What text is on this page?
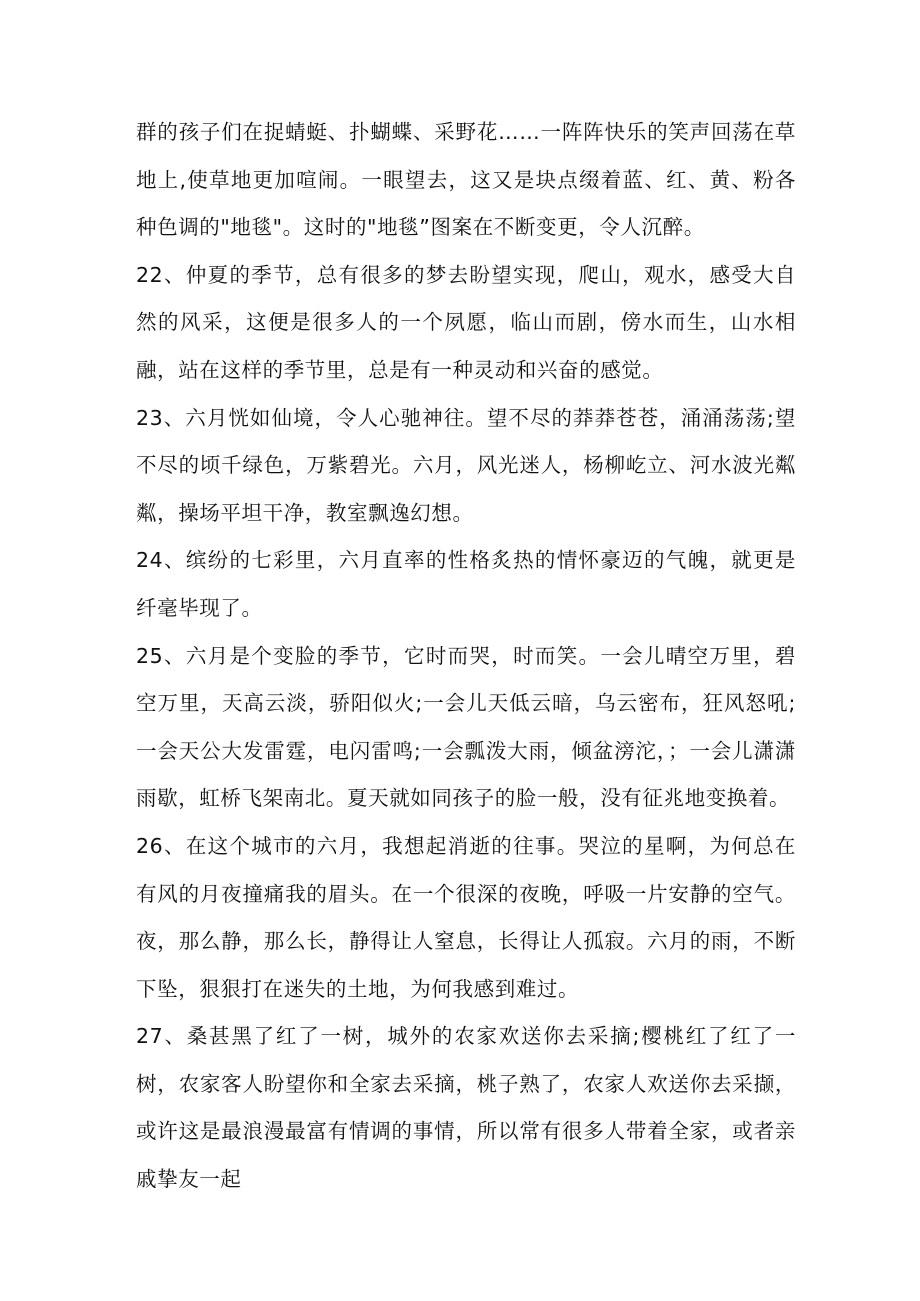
群的孩子们在捉蜻蜓、扑蝴蝶、采野花……一阵阵快乐的笑声回荡在草地上,使草地更加喧闹。一眼望去，这又是块点缀着蓝、红、黄、粉各种色调的"地毯"。这时的"地毯”图案在不断变更，令人沉醉。

22、仲夏的季节，总有很多的梦去盼望实现，爬山，观水，感受大自然的风采，这便是很多人的一个夙愿，临山而剧，傍水而生，山水相融，站在这样的季节里，总是有一种灵动和兴奋的感觉。

23、六月恍如仙境，令人心驰神往。望不尽的莽莽苍苍，涌涌荡荡;望不尽的顷千绿色，万紫碧光。六月，风光迷人，杨柳屹立、河水波光粼粼，操场平坦干净，教室飘逸幻想。

24、缤纷的七彩里，六月直率的性格炙热的情怀豪迈的气魄，就更是纤毫毕现了。

25、六月是个变脸的季节，它时而哭，时而笑。一会儿晴空万里，碧空万里，天高云淡，骄阳似火;一会儿天低云暗，乌云密布，狂风怒吼;一会天公大发雷霆，电闪雷鸣;一会瓢泼大雨，倾盆滂沱，；一会儿潇潇雨歇，虹桥飞架南北。夏天就如同孩子的脸一般，没有征兆地变换着。

26、在这个城市的六月，我想起消逝的往事。哭泣的星啊，为何总在有风的月夜撞痛我的眉头。在一个很深的夜晚，呼吸一片安静的空气。夜，那么静，那么长，静得让人窒息，长得让人孤寂。六月的雨，不断下坠，狠狠打在迷失的土地，为何我感到难过。

27、桑甚黑了红了一树，城外的农家欢送你去采摘;樱桃红了红了一树，农家客人盼望你和全家去采摘，桃子熟了，农家人欢送你去采撷，或许这是最浪漫最富有情调的事情，所以常有很多人带着全家，或者亲戚挚友一起
